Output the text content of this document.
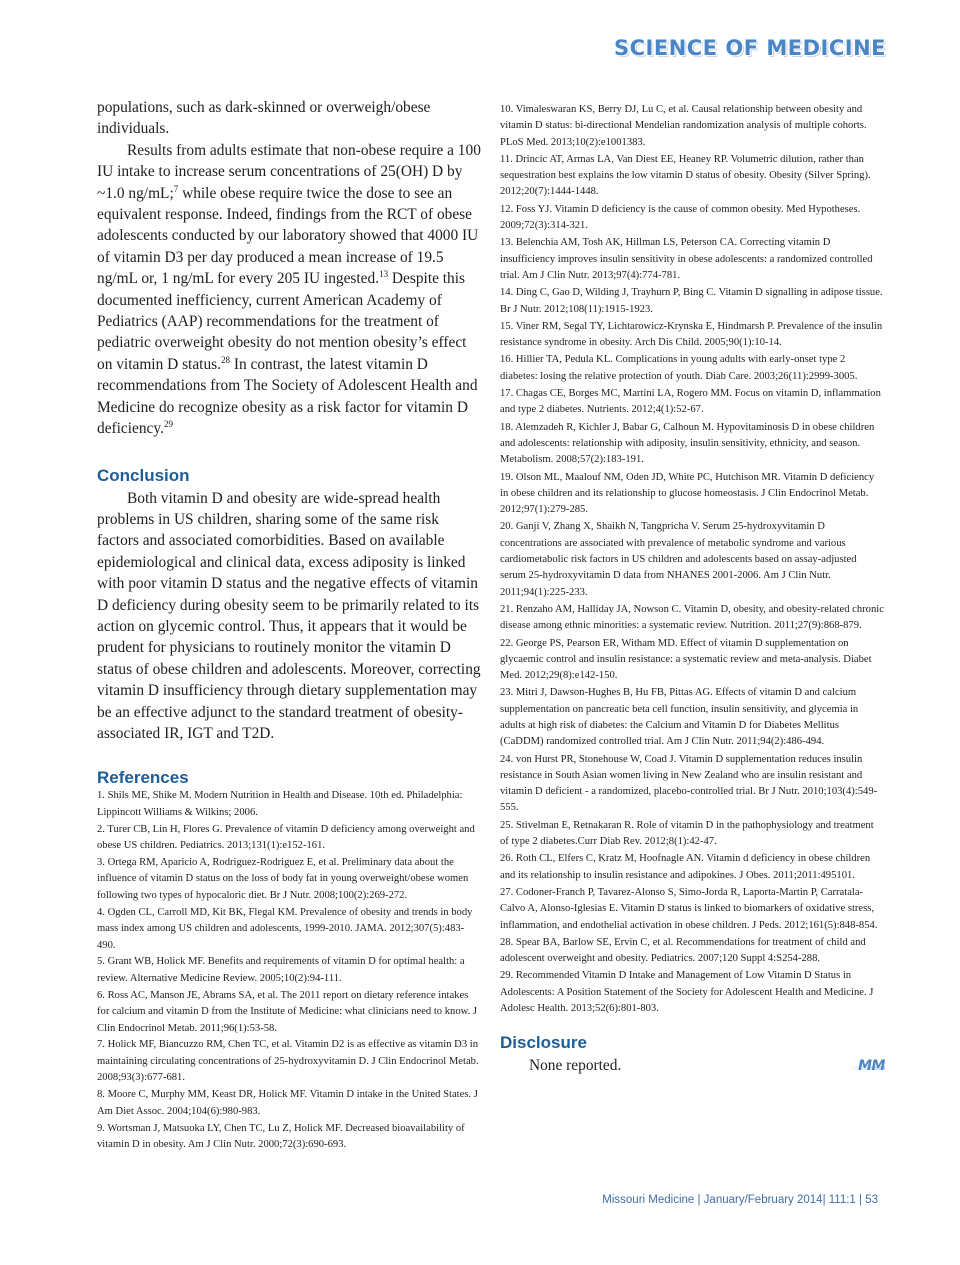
SCIENCE OF MEDICINE

populations, such as dark-skinned or overweigh/obese individuals.

Results from adults estimate that non-obese require a 100 IU intake to increase serum concentrations of 25(OH) D by ~1.0 ng/mL;$^7$ while obese require twice the dose to see an equivalent response. Indeed, findings from the RCT of obese adolescents conducted by our laboratory showed that 4000 IU of vitamin D3 per day produced a mean increase of 19.5 ng/mL or, 1 ng/mL for every 205 IU ingested.$^{13}$ Despite this documented inefficiency, current American Academy of Pediatrics (AAP) recommendations for the treatment of pediatric overweight obesity do not mention obesity’s effect on vitamin D status.$^{28}$ In contrast, the latest vitamin D recommendations from The Society of Adolescent Health and Medicine do recognize obesity as a risk factor for vitamin D deficiency.$^{29}$

Conclusion

Both vitamin D and obesity are wide-spread health problems in US children, sharing some of the same risk factors and associated comorbidities. Based on available epidemiological and clinical data, excess adiposity is linked with poor vitamin D status and the negative effects of vitamin D deficiency during obesity seem to be primarily related to its action on glycemic control. Thus, it appears that it would be prudent for physicians to routinely monitor the vitamin D status of obese children and adolescents. Moreover, correcting vitamin D insufficiency through dietary supplementation may be an effective adjunct to the standard treatment of obesity-associated IR, IGT and T2D.

References
1. Shils ME, Shike M. Modern Nutrition in Health and Disease. 10th ed. Philadelphia: Lippincott Williams & Wilkins; 2006.
2. Turer CB, Lin H, Flores G. Prevalence of vitamin D deficiency among overweight and obese US children. Pediatrics. 2013;131(1):e152-161.
3. Ortega RM, Aparicio A, Rodriguez-Rodriguez E, et al. Preliminary data about the influence of vitamin D status on the loss of body fat in young overweight/obese women following two types of hypocaloric diet. Br J Nutr. 2008;100(2):269-272.
4. Ogden CL, Carroll MD, Kit BK, Flegal KM. Prevalence of obesity and trends in body mass index among US children and adolescents, 1999-2010. JAMA. 2012;307(5):483-490.
5. Grant WB, Holick MF. Benefits and requirements of vitamin D for optimal health: a review. Alternative Medicine Review. 2005;10(2):94-111.
6. Ross AC, Manson JE, Abrams SA, et al. The 2011 report on dietary reference intakes for calcium and vitamin D from the Institute of Medicine: what clinicians need to know. J Clin Endocrinol Metab. 2011;96(1):53-58.
7. Holick MF, Biancuzzo RM, Chen TC, et al. Vitamin D2 is as effective as vitamin D3 in maintaining circulating concentrations of 25-hydroxyvitamin D. J Clin Endocrinol Metab. 2008;93(3):677-681.
8. Moore C, Murphy MM, Keast DR, Holick MF. Vitamin D intake in the United States. J Am Diet Assoc. 2004;104(6):980-983.
9. Wortsman J, Matsuoka LY, Chen TC, Lu Z, Holick MF. Decreased bioavailability of vitamin D in obesity. Am J Clin Nutr. 2000;72(3):690-693.
10. Vimaleswaran KS, Berry DJ, Lu C, et al. Causal relationship between obesity and vitamin D status: bi-directional Mendelian randomization analysis of multiple cohorts. PLoS Med. 2013;10(2):e1001383.
11. Drincic AT, Armas LA, Van Diest EE, Heaney RP. Volumetric dilution, rather than sequestration best explains the low vitamin D status of obesity. Obesity (Silver Spring). 2012;20(7):1444-1448.
12. Foss YJ. Vitamin D deficiency is the cause of common obesity. Med Hypotheses. 2009;72(3):314-321.
13. Belenchia AM, Tosh AK, Hillman LS, Peterson CA. Correcting vitamin D insufficiency improves insulin sensitivity in obese adolescents: a randomized controlled trial. Am J Clin Nutr. 2013;97(4):774-781.
14. Ding C, Gao D, Wilding J, Trayhurn P, Bing C. Vitamin D signalling in adipose tissue. Br J Nutr. 2012;108(11):1915-1923.
15. Viner RM, Segal TY, Lichtarowicz-Krynska E, Hindmarsh P. Prevalence of the insulin resistance syndrome in obesity. Arch Dis Child. 2005;90(1):10-14.
16. Hillier TA, Pedula KL. Complications in young adults with early-onset type 2 diabetes: losing the relative protection of youth. Diab Care. 2003;26(11):2999-3005.
17. Chagas CE, Borges MC, Martini LA, Rogero MM. Focus on vitamin D, inflammation and type 2 diabetes. Nutrients. 2012;4(1):52-67.
18. Alemzadeh R, Kichler J, Babar G, Calhoun M. Hypovitaminosis D in obese children and adolescents: relationship with adiposity, insulin sensitivity, ethnicity, and season. Metabolism. 2008;57(2):183-191.
19. Olson ML, Maalouf NM, Oden JD, White PC, Hutchison MR. Vitamin D deficiency in obese children and its relationship to glucose homeostasis. J Clin Endocrinol Metab. 2012;97(1):279-285.
20. Ganji V, Zhang X, Shaikh N, Tangpricha V. Serum 25-hydroxyvitamin D concentrations are associated with prevalence of metabolic syndrome and various cardiometabolic risk factors in US children and adolescents based on assay-adjusted serum 25-hydroxyvitamin D data from NHANES 2001-2006. Am J Clin Nutr. 2011;94(1):225-233.
21. Renzaho AM, Halliday JA, Nowson C. Vitamin D, obesity, and obesity-related chronic disease among ethnic minorities: a systematic review. Nutrition. 2011;27(9):868-879.
22. George PS, Pearson ER, Witham MD. Effect of vitamin D supplementation on glycaemic control and insulin resistance: a systematic review and meta-analysis. Diabet Med. 2012;29(8):e142-150.
23. Mitri J, Dawson-Hughes B, Hu FB, Pittas AG. Effects of vitamin D and calcium supplementation on pancreatic beta cell function, insulin sensitivity, and glycemia in adults at high risk of diabetes: the Calcium and Vitamin D for Diabetes Mellitus (CaDDM) randomized controlled trial. Am J Clin Nutr. 2011;94(2):486-494.
24. von Hurst PR, Stonehouse W, Coad J. Vitamin D supplementation reduces insulin resistance in South Asian women living in New Zealand who are insulin resistant and vitamin D deficient - a randomized, placebo-controlled trial. Br J Nutr. 2010;103(4):549-555.
25. Stivelman E, Retnakaran R. Role of vitamin D in the pathophysiology and treatment of type 2 diabetes.Curr Diab Rev. 2012;8(1):42-47.
26. Roth CL, Elfers C, Kratz M, Hoofnagle AN. Vitamin d deficiency in obese children and its relationship to insulin resistance and adipokines. J Obes. 2011;2011:495101.
27. Codoner-Franch P, Tavarez-Alonso S, Simo-Jorda R, Laporta-Martin P, Carratala-Calvo A, Alonso-Iglesias E. Vitamin D status is linked to biomarkers of oxidative stress, inflammation, and endothelial activation in obese children. J Peds. 2012;161(5):848-854.
28. Spear BA, Barlow SE, Ervin C, et al. Recommendations for treatment of child and adolescent overweight and obesity. Pediatrics. 2007;120 Suppl 4:S254-288.
29. Recommended Vitamin D Intake and Management of Low Vitamin D Status in Adolescents: A Position Statement of the Society for Adolescent Health and Medicine. J Adolesc Health. 2013;52(6):801-803.
Disclosure

None reported.	MM
Missouri Medicine | January/February 2014| 111:1 | 53
